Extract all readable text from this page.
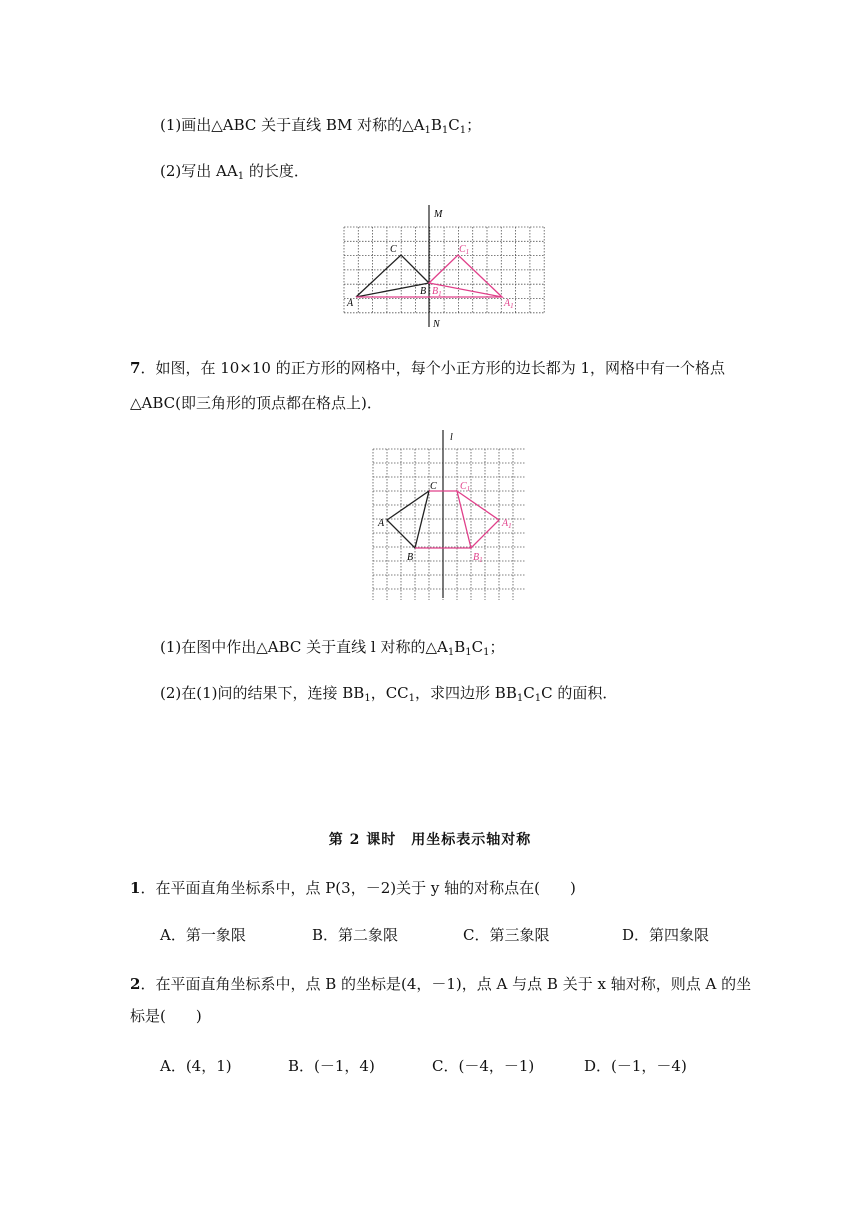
(1)画出△ABC 关于直线 BM 对称的$\triangle A_1B_1C_1$；
(2)写出 $AA_1$ 的长度．
M
N
C	$C_1$
B $B_1$
A	$A_1$
7．如图，在 10×10 的正方形的网格中，每个小正方形的边长都为 1，网格中有一个格点
△ABC(即三角形的顶点都在格点上)．
l
C $C_1$
A	$A_1$
B	$B_1$
(1)在图中作出△ABC 关于直线 l 对称的$\triangle A_1B_1C_1$；
(2)在(1)问的结果下，连接 $BB_1$，$CC_1$，求四边形 $BB_1C_1C$ 的面积．
第 2 课时　用坐标表示轴对称
1．在平面直角坐标系中，点 P(3，－2)关于 y 轴的对称点在(　　)
A．第一象限	B．第二象限	C．第三象限	D．第四象限
2．在平面直角坐标系中，点 B 的坐标是(4，－1)，点 A 与点 B 关于 x 轴对称，则点 A 的坐
标是(　　)
A．(4，1)	B．(－1，4)	C．(－4，－1)	D．(－1，－4)
